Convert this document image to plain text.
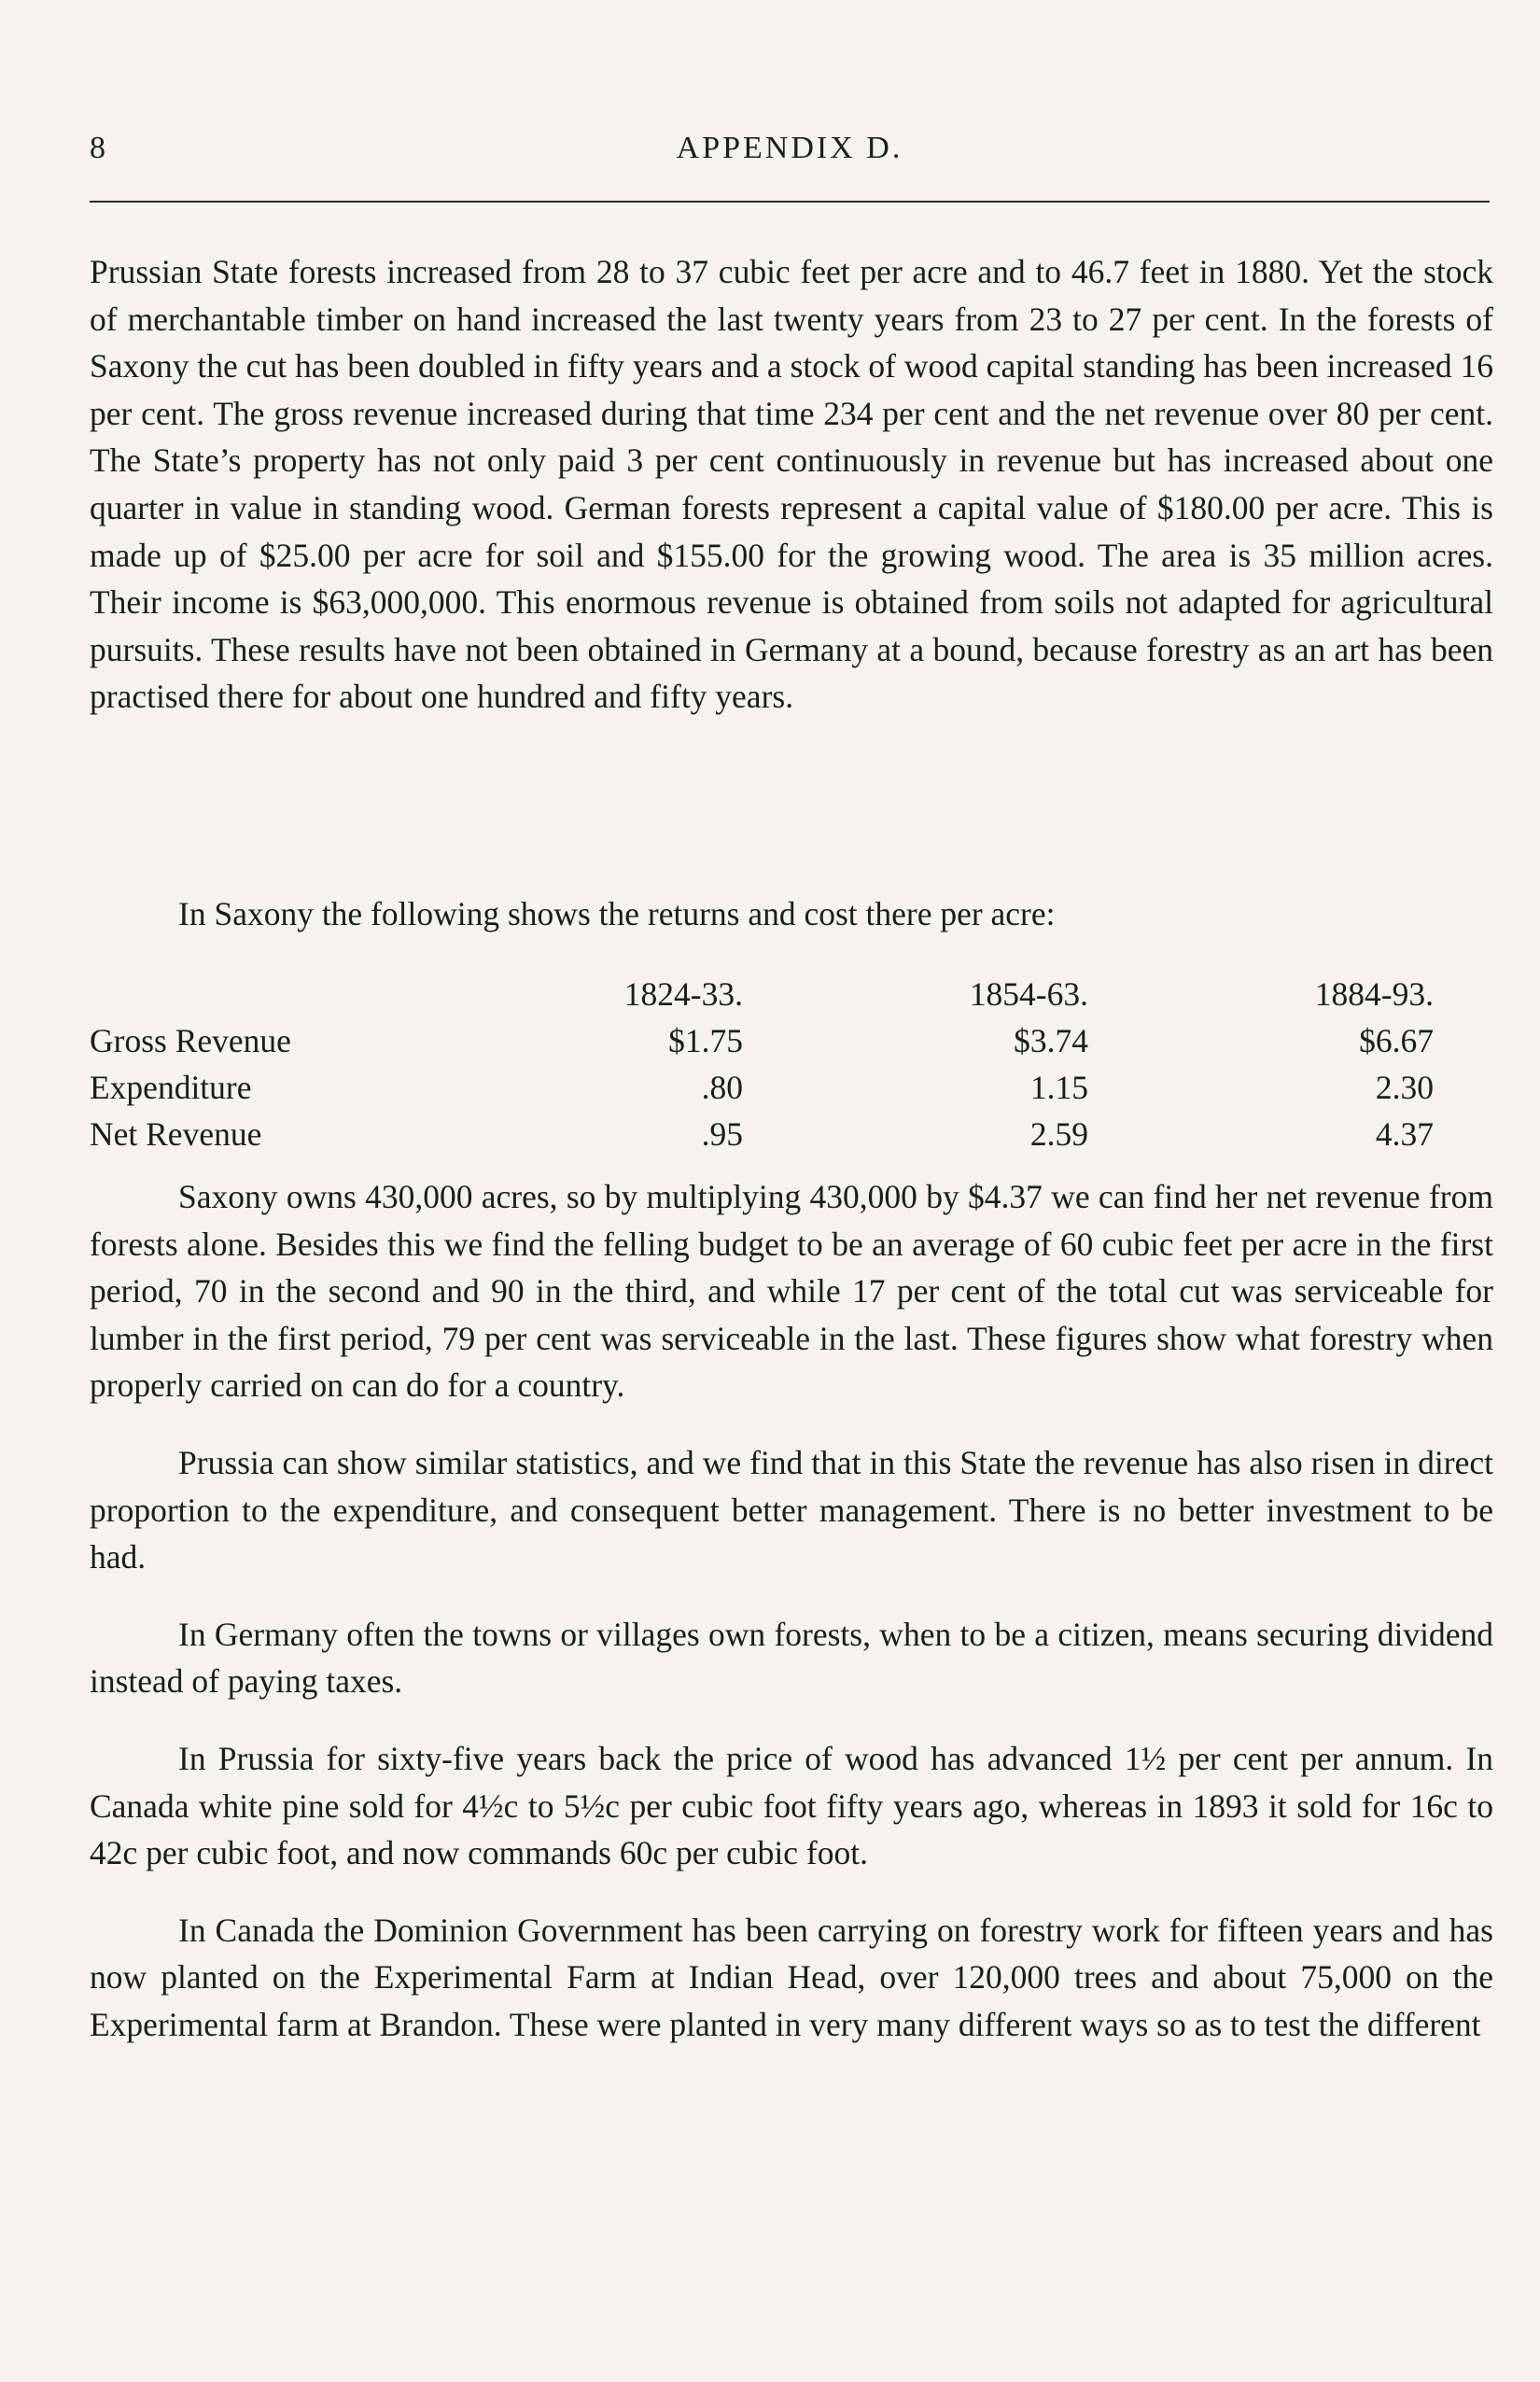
8	APPENDIX D.

Prussian State forests increased from 28 to 37 cubic feet per acre and to 46.7 feet in 1880. Yet the stock of merchantable timber on hand increased the last twenty years from 23 to 27 per cent. In the forests of Saxony the cut has been doubled in fifty years and a stock of wood capital standing has been increased 16 per cent. The gross revenue increased during that time 234 per cent and the net revenue over 80 per cent. The State’s property has not only paid 3 per cent continuously in revenue but has increased about one quarter in value in standing wood. German forests represent a capital value of $180.00 per acre. This is made up of $25.00 per acre for soil and $155.00 for the growing wood. The area is 35 million acres. Their income is $63,000,000. This enormous revenue is obtained from soils not adapted for agricultural pursuits. These results have not been obtained in Germany at a bound, because forestry as an art has been practised there for about one hundred and fifty years.

In Saxony the following shows the returns and cost there per acre:

	1824-33.	1854-63.	1884-93.
Gross Revenue	$1.75	$3.74	$6.67
Expenditure	.80	1.15	2.30
Net Revenue	.95	2.59	4.37

Saxony owns 430,000 acres, so by multiplying 430,000 by $4.37 we can find her net revenue from forests alone. Besides this we find the felling budget to be an average of 60 cubic feet per acre in the first period, 70 in the second and 90 in the third, and while 17 per cent of the total cut was serviceable for lumber in the first period, 79 per cent was serviceable in the last. These figures show what forestry when properly carried on can do for a country.

Prussia can show similar statistics, and we find that in this State the revenue has also risen in direct proportion to the expenditure, and consequent better management. There is no better investment to be had.

In Germany often the towns or villages own forests, when to be a citizen, means securing dividend instead of paying taxes.

In Prussia for sixty-five years back the price of wood has advanced 1½ per cent per annum. In Canada white pine sold for 4½c to 5½c per cubic foot fifty years ago, whereas in 1893 it sold for 16c to 42c per cubic foot, and now commands 60c per cubic foot.

In Canada the Dominion Government has been carrying on forestry work for fifteen years and has now planted on the Experimental Farm at Indian Head, over 120,000 trees and about 75,000 on the Experimental farm at Brandon. These were planted in very many different ways so as to test the different
